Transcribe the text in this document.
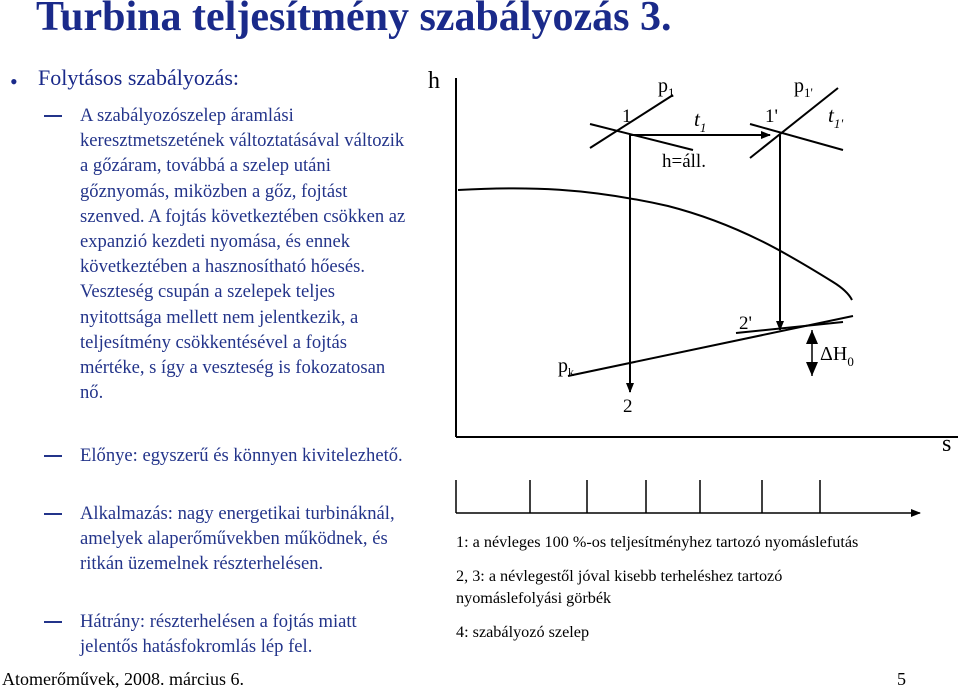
Turbina teljesítmény szabályozás 3.
• Folytásos szabályozás:
A szabályozószelep áramlási keresztmetszetének változtatásával változik a gőzáram, továbbá a szelep utáni gőznyomás, miközben a gőz, fojtást szenved. A fojtás következtében csökken az expanzió kezdeti nyomása, és ennek következtében a hasznosítható hőesés. Veszteség csupán a szelepek teljes nyitottsága mellett nem jelentkezik, a teljesítmény csökkentésével a fojtás mértéke, s így a veszteség is fokozatosan nő.
Előnye: egyszerű és könnyen kivitelezhető.
Alkalmazás: nagy energetikai turbináknál, amelyek alaperőművekben működnek, és ritkán üzemelnek részterhelésen.
Hátrány: részterhelésen a fojtás miatt jelentős hatásfokromlás lép fel.
h
s
$p_1$	$p_{1'}$
1	1'
$t_1$
$t_{1'}$
h=áll.
2'
$\Delta H_0$
$p_k$
2
1: a névleges 100 %-os teljesítményhez tartozó nyomáslefutás
2, 3: a névlegestől jóval kisebb terheléshez tartozó
nyomáslefolyási görbék
4: szabályozó szelep
Atomerőművek, 2008. március 6.	5
